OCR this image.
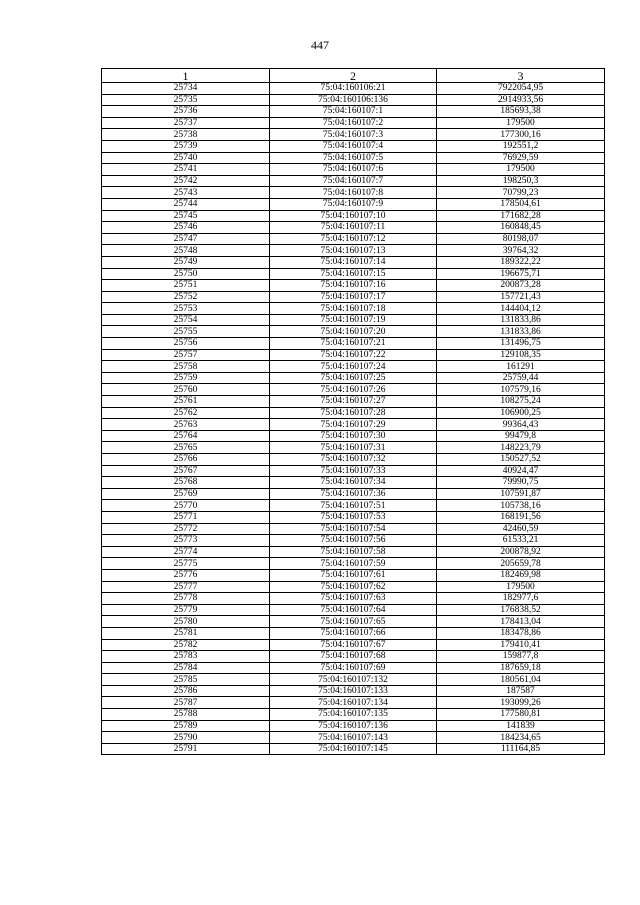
447
1	2	3
25734	75:04:160106:21	7922054,95
25735	75:04:160106:136	2914933,56
25736	75:04:160107:1	185693,38
25737	75:04:160107:2	179500
25738	75:04:160107:3	177300,16
25739	75:04:160107:4	192551,2
25740	75:04:160107:5	76929,59
25741	75:04:160107:6	179500
25742	75:04:160107:7	198250,3
25743	75:04:160107:8	70799,23
25744	75:04:160107:9	178504,61
25745	75:04:160107:10	171682,28
25746	75:04:160107:11	160848,45
25747	75:04:160107:12	80198,07
25748	75:04:160107:13	39764,32
25749	75:04:160107:14	189322,22
25750	75:04:160107:15	196675,71
25751	75:04:160107:16	200873,28
25752	75:04:160107:17	157721,43
25753	75:04:160107:18	144404,12
25754	75:04:160107:19	131833,86
25755	75:04:160107:20	131833,86
25756	75:04:160107:21	131496,75
25757	75:04:160107:22	129108,35
25758	75:04:160107:24	161291
25759	75:04:160107:25	25759,44
25760	75:04:160107:26	107579,16
25761	75:04:160107:27	108275,24
25762	75:04:160107:28	106900,25
25763	75:04:160107:29	99364,43
25764	75:04:160107:30	99479,8
25765	75:04:160107:31	148223,79
25766	75:04:160107:32	150527,52
25767	75:04:160107:33	40924,47
25768	75:04:160107:34	79990,75
25769	75:04:160107:36	107591,87
25770	75:04:160107:51	105738,16
25771	75:04:160107:53	168191,56
25772	75:04:160107:54	42460,59
25773	75:04:160107:56	61533,21
25774	75:04:160107:58	200878,92
25775	75:04:160107:59	205659,78
25776	75:04:160107:61	182469,98
25777	75:04:160107:62	179500
25778	75:04:160107:63	182977,6
25779	75:04:160107:64	176838,52
25780	75:04:160107:65	178413,04
25781	75:04:160107:66	183478,86
25782	75:04:160107:67	179410,41
25783	75:04:160107:68	159877,8
25784	75:04:160107:69	187659,18
25785	75:04:160107:132	180561,04
25786	75:04:160107:133	187587
25787	75:04:160107:134	193099,26
25788	75:04:160107:135	177580,81
25789	75:04:160107:136	141839
25790	75:04:160107:143	184234,65
25791	75:04:160107:145	111164,85
